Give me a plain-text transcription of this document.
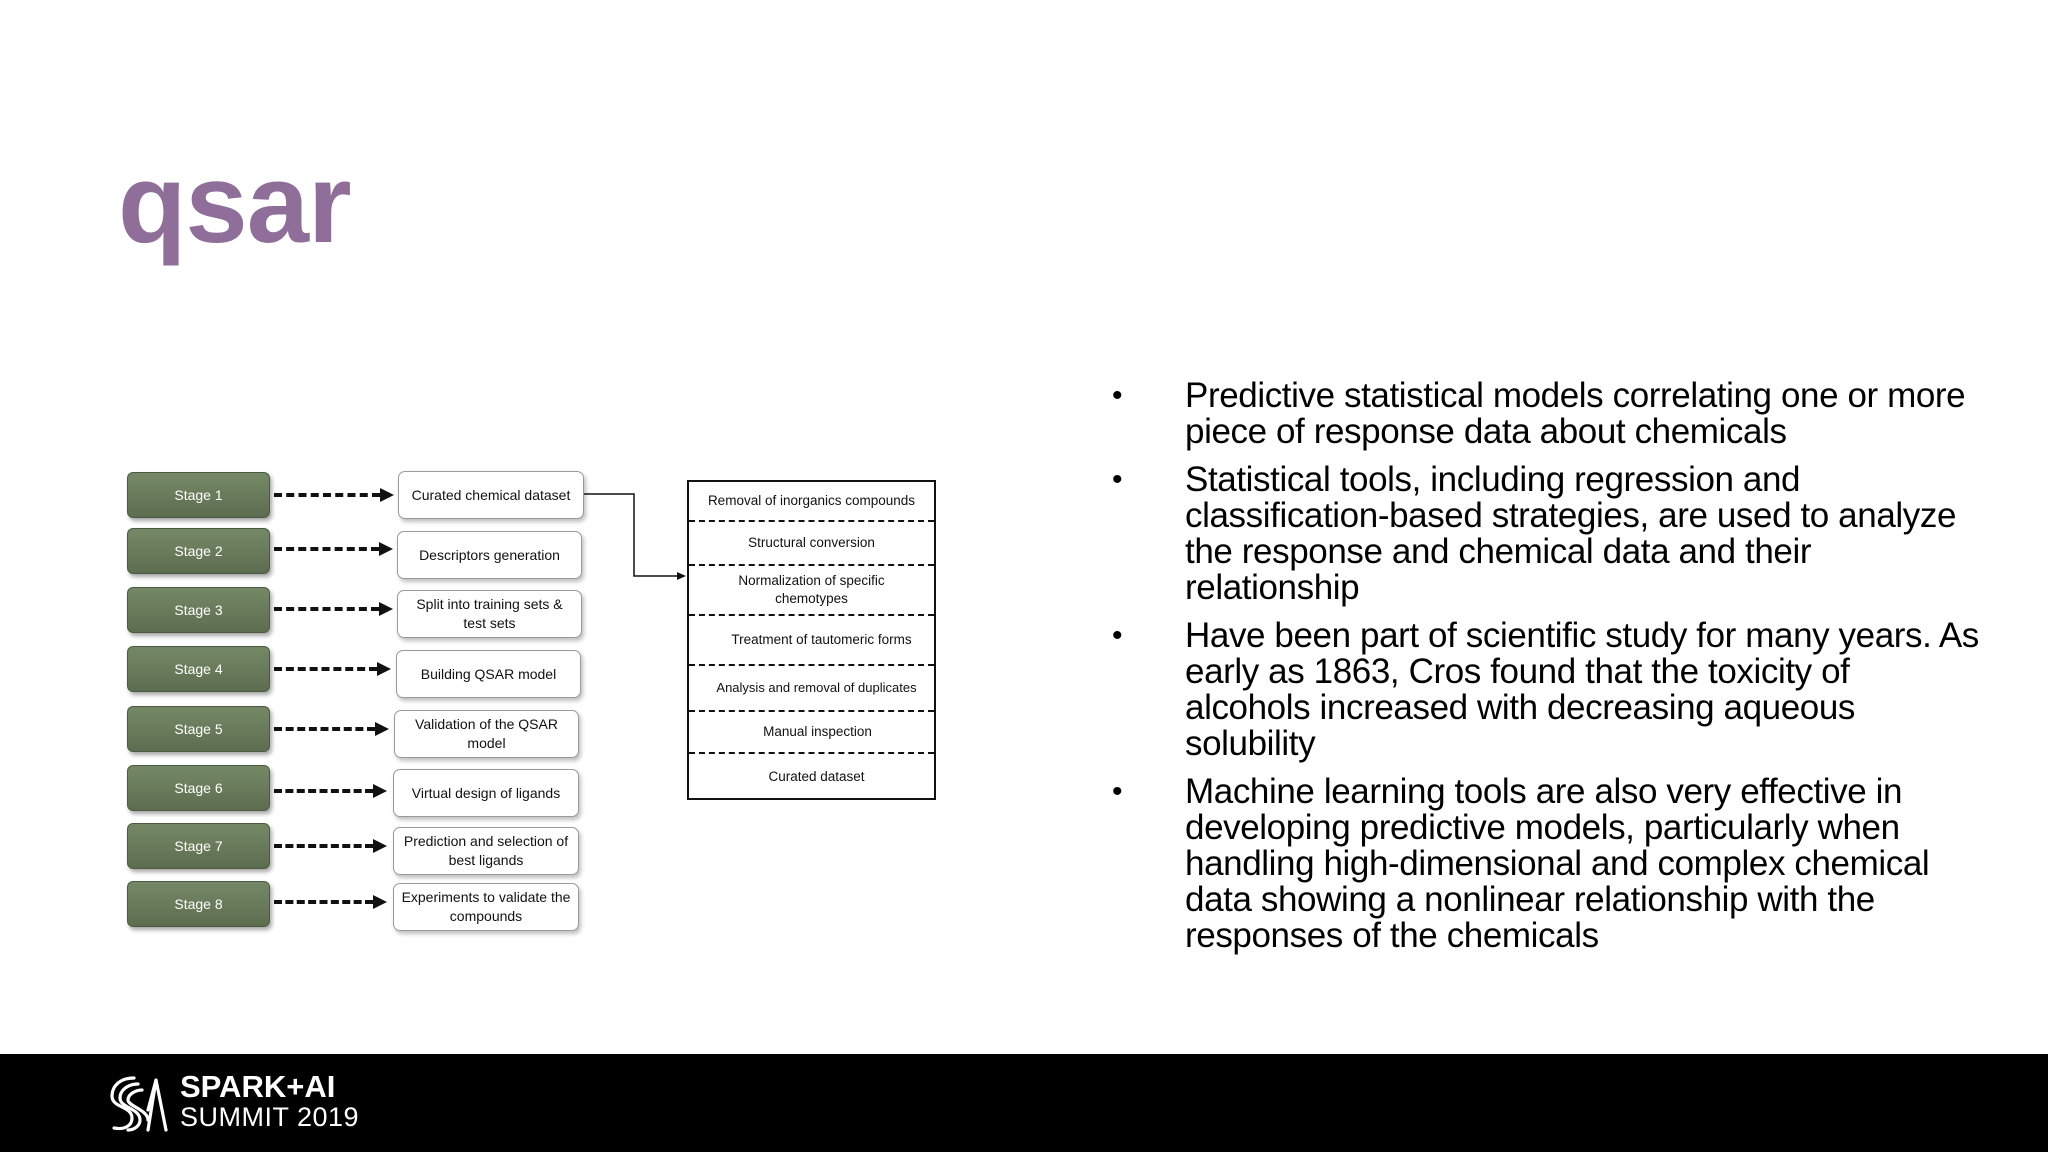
qsar
Stage 1
Stage 2
Stage 3
Stage 4
Stage 5
Stage 6
Stage 7
Stage 8
Curated chemical dataset
Descriptors generation
Split into training sets & test sets
Building QSAR model
Validation of the QSAR model
Virtual design of ligands
Prediction and selection of best ligands
Experiments to validate the compounds
Removal of inorganics compounds
Structural conversion
Normalization of specific chemotypes
Treatment of tautomeric forms
Analysis and removal of duplicates
Manual inspection
Curated dataset
• Predictive statistical models correlating one or more piece of response data about chemicals
• Statistical tools, including regression and classification-based strategies, are used to analyze the response and chemical data and their relationship
• Have been part of scientific study for many years. As early as 1863, Cros found that the toxicity of alcohols increased with decreasing aqueous solubility
• Machine learning tools are also very effective in developing predictive models, particularly when handling high-dimensional and complex chemical data showing a nonlinear relationship with the responses of the chemicals
SPARK+AI
SUMMIT 2019
